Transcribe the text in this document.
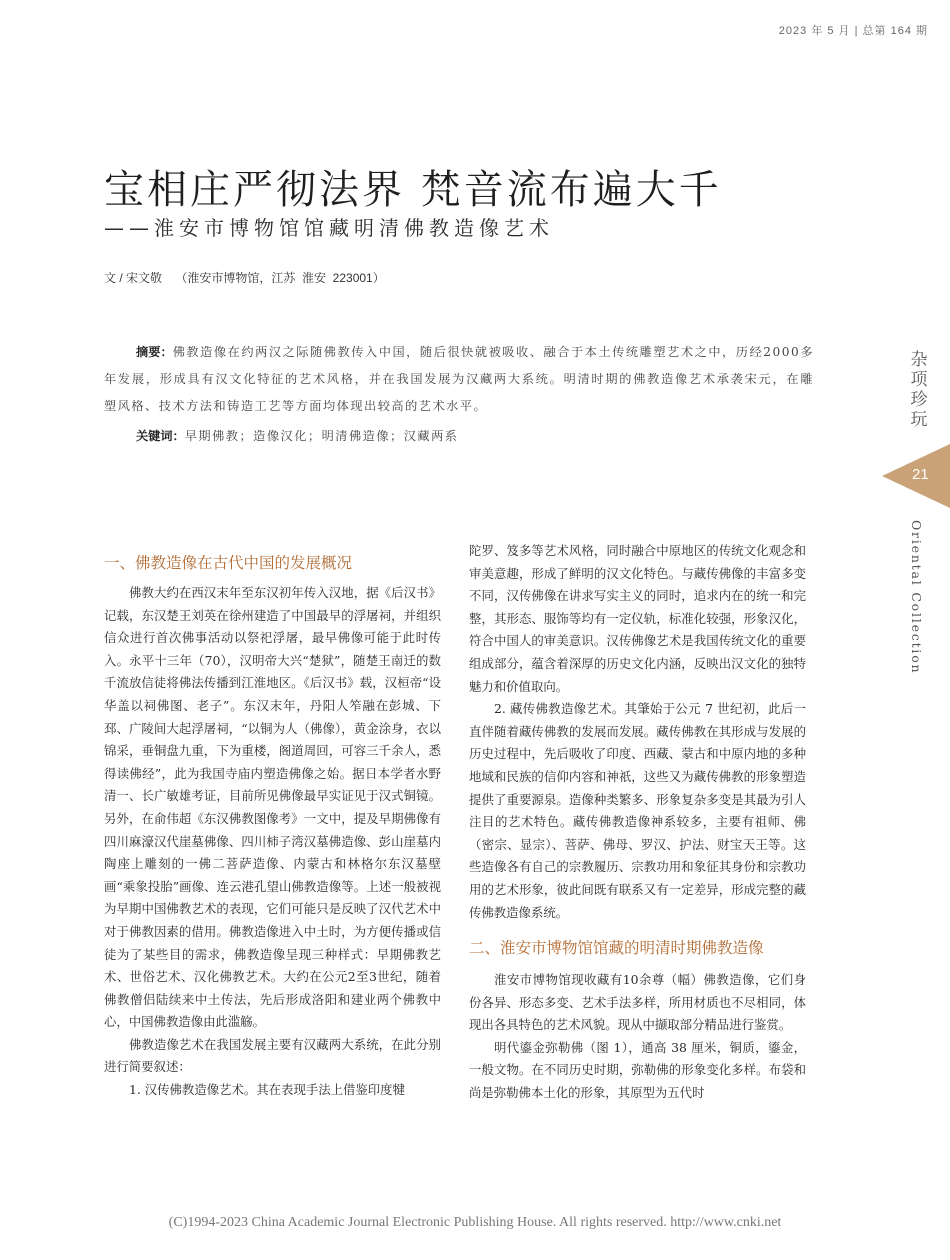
2023 年 5 月 | 总第 164 期
宝相庄严彻法界 梵音流布遍大千
——淮安市博物馆馆藏明清佛教造像艺术
文 / 宋文敬    （淮安市博物馆，江苏  淮安  223001）
摘要：佛教造像在约两汉之际随佛教传入中国，随后很快就被吸收、融合于本土传统雕塑艺术之中，历经2000多年发展，形成具有汉文化特征的艺术风格，并在我国发展为汉藏两大系统。明清时期的佛教造像艺术承袭宋元，在雕塑风格、技术方法和铸造工艺等方面均体现出较高的艺术水平。
关键词：早期佛教；造像汉化；明清佛造像；汉藏两系
杂项珍玩
21
Oriental Collection
一、佛教造像在古代中国的发展概况

佛教大约在西汉末年至东汉初年传入汉地，据《后汉书》记载，东汉楚王刘英在徐州建造了中国最早的浮屠祠，并组织信众进行首次佛事活动以祭祀浮屠，最早佛像可能于此时传入。永平十三年（70），汉明帝大兴“楚狱”，随楚王南迁的数千流放信徒将佛法传播到江淮地区。《后汉书》载，汉桓帝“设华盖以祠佛图、老子”。东汉末年，丹阳人笮融在彭城、下邳、广陵间大起浮屠祠，“以铜为人（佛像），黄金涂身，衣以锦采，垂铜盘九重，下为重楼，阁道周回，可容三千余人，悉得读佛经”，此为我国寺庙内塑造佛像之始。据日本学者水野清一、长广敏雄考证，目前所见佛像最早实证见于汉式铜镜。另外，在俞伟超《东汉佛教图像考》一文中，提及早期佛像有四川麻濠汉代崖墓佛像、四川柿子湾汉墓佛造像、彭山崖墓内陶座上雕刻的一佛二菩萨造像、内蒙古和林格尔东汉墓壁画“乘象投胎”画像、连云港孔望山佛教造像等。上述一般被视为早期中国佛教艺术的表现，它们可能只是反映了汉代艺术中对于佛教因素的借用。佛教造像进入中土时，为方便传播或信徒为了某些目的需求，佛教造像呈现三种样式：早期佛教艺术、世俗艺术、汉化佛教艺术。大约在公元2至3世纪，随着佛教僧侣陆续来中土传法，先后形成洛阳和建业两个佛教中心，中国佛教造像由此滥觞。

佛教造像艺术在我国发展主要有汉藏两大系统，在此分别进行简要叙述：

1. 汉传佛教造像艺术。其在表现手法上借鉴印度犍

陀罗、笈多等艺术风格，同时融合中原地区的传统文化观念和审美意趣，形成了鲜明的汉文化特色。与藏传佛像的丰富多变不同，汉传佛像在讲求写实主义的同时，追求内在的统一和完整，其形态、服饰等均有一定仪轨，标准化较强，形象汉化，符合中国人的审美意识。汉传佛像艺术是我国传统文化的重要组成部分，蕴含着深厚的历史文化内涵，反映出汉文化的独特魅力和价值取向。

2. 藏传佛教造像艺术。其肇始于公元 7 世纪初，此后一直伴随着藏传佛教的发展而发展。藏传佛教在其形成与发展的历史过程中，先后吸收了印度、西藏、蒙古和中原内地的多种地域和民族的信仰内容和神祇，这些又为藏传佛教的形象塑造提供了重要源泉。造像种类繁多、形象复杂多变是其最为引人注目的艺术特色。藏传佛教造像神系较多，主要有祖师、佛（密宗、显宗）、菩萨、佛母、罗汉、护法、财宝天王等。这些造像各有自己的宗教履历、宗教功用和象征其身份和宗教功用的艺术形象，彼此间既有联系又有一定差异，形成完整的藏传佛教造像系统。

二、淮安市博物馆馆藏的明清时期佛教造像

淮安市博物馆现收藏有10余尊（幅）佛教造像，它们身份各异、形态多变、艺术手法多样，所用材质也不尽相同，体现出各具特色的艺术风貌。现从中撷取部分精品进行鉴赏。

明代鎏金弥勒佛（图 1），通高 38 厘米，铜质，鎏金，一般文物。在不同历史时期，弥勒佛的形象变化多样。布袋和尚是弥勒佛本土化的形象，其原型为五代时

(C)1994-2023 China Academic Journal Electronic Publishing House. All rights reserved. http://www.cnki.net
